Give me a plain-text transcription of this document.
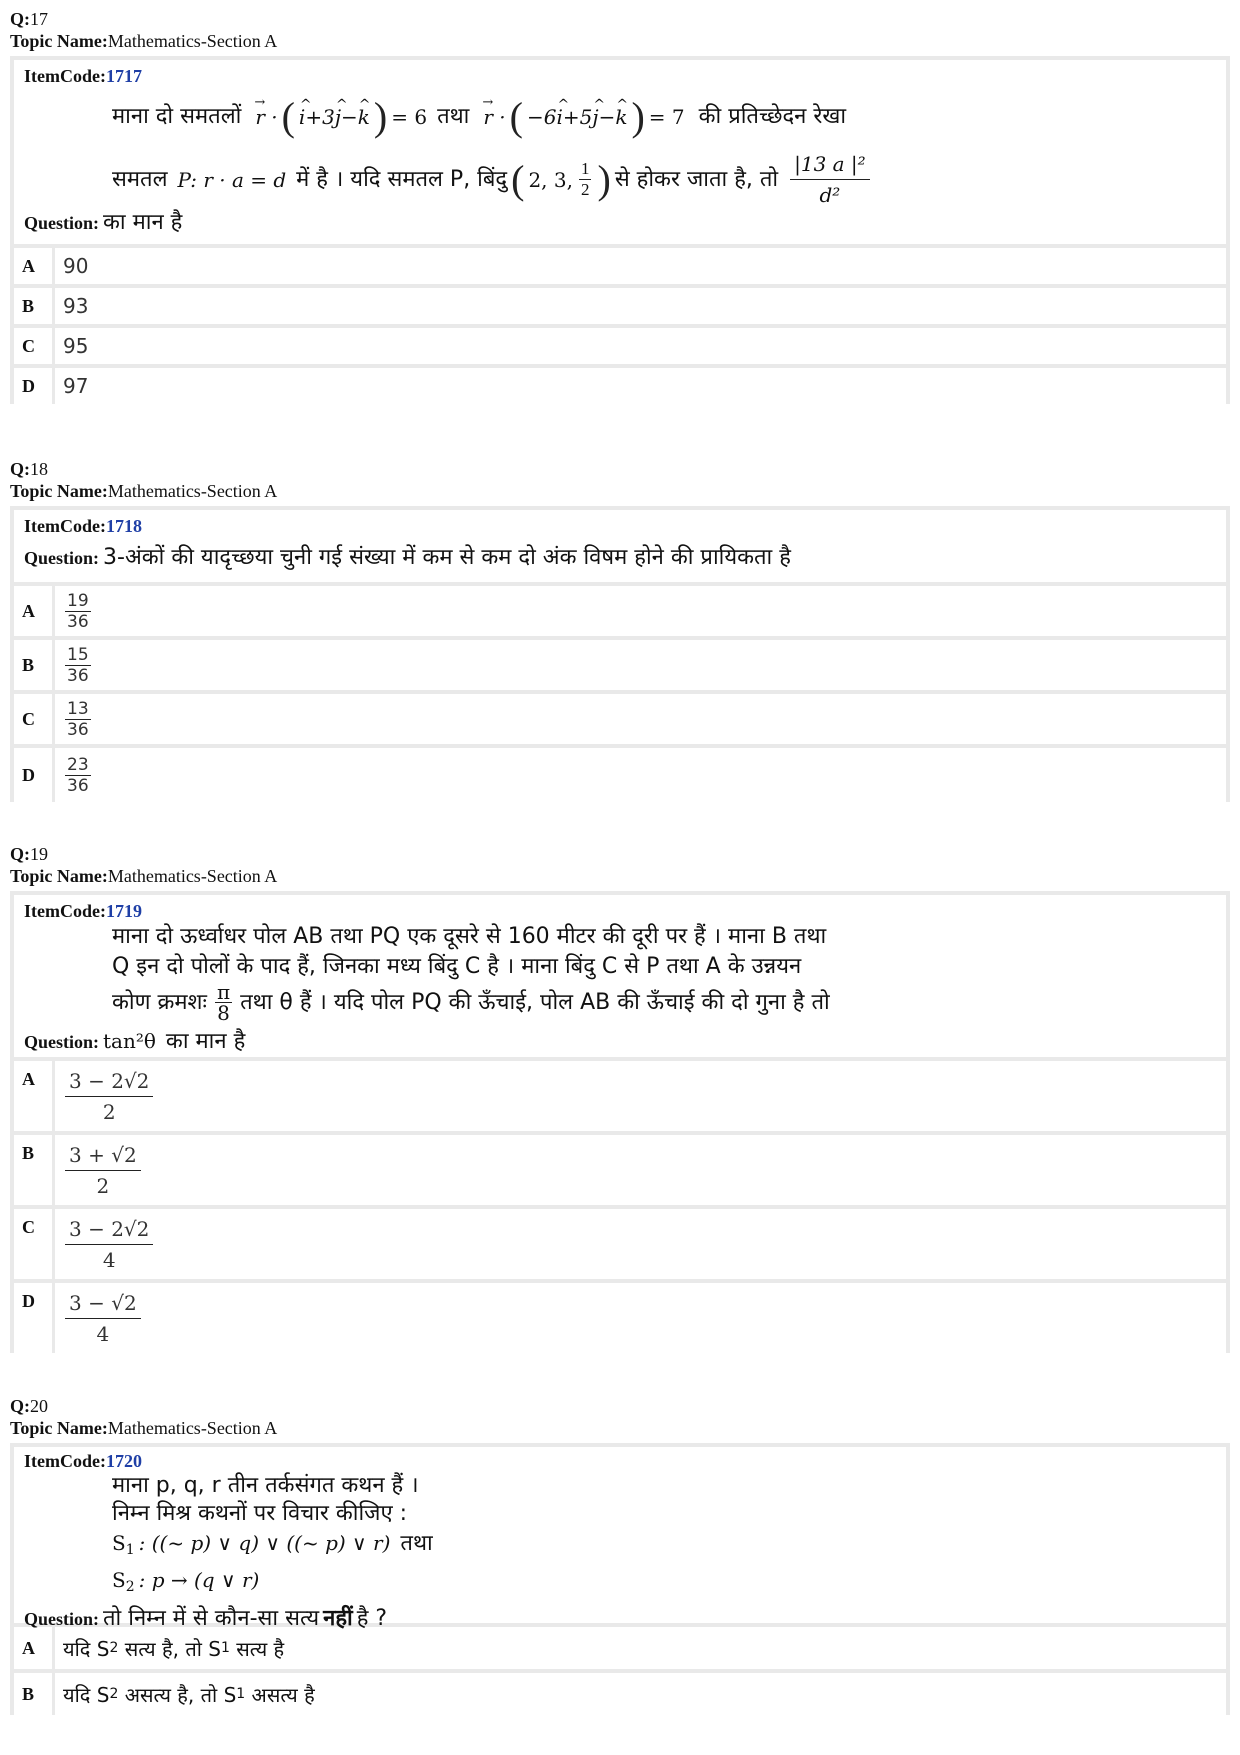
Q:17
Topic Name:Mathematics-Section A
ItemCode:1717
माना दो समतलों → r · ( ^ i+3^ j−^ k ) = 6 तथा → r · ( −6^ i+5^ j−^ k ) = 7 की प्रतिच्छेदन रेखा
समतल P: r · a = d में है । यदि समतल P, बिंदु ( 2, 3, $\frac{1}{2}$ ) से होकर जाता है, तो $\frac{\text{|13 a |²}}{\text{d²}}$
Question: का मान है
A	90
B	93
C	95
D	97
Q:18
Topic Name:Mathematics-Section A
ItemCode:1718
Question: 3-अंकों की यादृच्छया चुनी गई संख्या में कम से कम दो अंक विषम होने की प्रायिकता है
A	$\frac{19}{36}$
B	$\frac{15}{36}$
C	$\frac{13}{36}$
D	$\frac{23}{36}$
Q:19
Topic Name:Mathematics-Section A
ItemCode:1719
माना दो ऊर्ध्वाधर पोल AB तथा PQ एक दूसरे से 160 मीटर की दूरी पर हैं । माना B तथा
Q इन दो पोलों के पाद हैं, जिनका मध्य बिंदु C है । माना बिंदु C से P तथा A के उन्नयन
कोण क्रमशः $\frac{\pi}{8}$ तथा θ हैं । यदि पोल PQ की ऊँचाई, पोल AB की ऊँचाई की दो गुना है तो
Question: tan²θ का मान है
A	$\frac{3 - 2√2}{2}$
B	$\frac{3 + √2}{2}$
C	$\frac{3 - 2√2}{4}$
D	$\frac{3 - √2}{4}$
Q:20
Topic Name:Mathematics-Section A
ItemCode:1720
माना p, q, r तीन तर्कसंगत कथन हैं ।
निम्न मिश्र कथनों पर विचार कीजिए :
S1 : ((~ p) ∨ q) ∨ ((~ p) ∨ r) तथा
S2 : p → (q ∨ r)
Question: तो निम्न में से कौन-सा सत्य नहीं है ?
A	यदि S 2
सत्य है, तो S 1
सत्य है
B	यदि S 2
असत्य है, तो S 1
असत्य है
